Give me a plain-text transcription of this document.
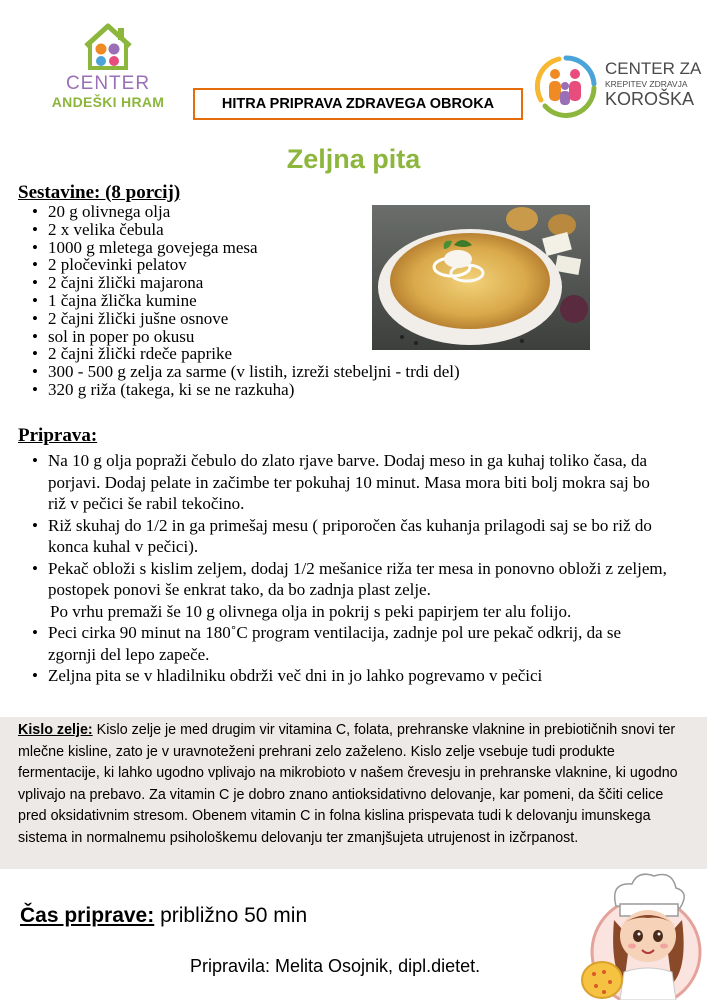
CENTER
ANDEŠKI HRAM	HITRA PRIPRAVA ZDRAVEGA OBROKA
CENTER ZA
KREPITEV ZDRAVJA
KOROŠKA
Zeljna pita
Sestavine: (8 porcij)
• 20 g olivnega olja
• 2 x velika čebula
• 1000 g mletega govejega mesa
• 2 pločevinki pelatov
• 2 čajni žlički majarona
• 1 čajna žlička kumine
• 2 čajni žlički jušne osnove
• sol in poper po okusu
• 2 čajni žlički rdeče paprike
• 300 - 500 g zelja za sarme (v listih, izreži stebeljni - trdi del)
• 320 g riža (takega, ki se ne razkuha)
Priprava:
• Na 10 g olja popraži čebulo do zlato rjave barve. Dodaj meso in ga kuhaj toliko časa, da porjavi. Dodaj pelate in začimbe ter pokuhaj 10 minut. Masa mora biti bolj mokra saj bo riž v pečici še rabil tekočino.
• Riž skuhaj do 1/2 in ga primešaj mesu ( priporočen čas kuhanja prilagodi saj se bo riž do konca kuhal v pečici).
• Pekač obloži s kislim zeljem, dodaj 1/2 mešanice riža ter mesa in ponovno obloži z zeljem, postopek ponovi še enkrat tako, da bo zadnja plast zelje.
Po vrhu premaži še 10 g olivnega olja in pokrij s peki papirjem ter alu folijo.
• Peci cirka 90 minut na 180˚C program ventilacija, zadnje pol ure pekač odkrij, da se zgornji del lepo zapeče.
• Zeljna pita se v hladilniku obdrži več dni in jo lahko pogrevamo v pečici
Kislo zelje: Kislo zelje je med drugim vir vitamina C, folata, prehranske vlaknine in prebiotičnih snovi ter mlečne kisline, zato je v uravnoteženi prehrani zelo zaželeno. Kislo zelje vsebuje tudi produkte fermentacije, ki lahko ugodno vplivajo na mikrobioto v našem črevesju in prehranske vlaknine, ki ugodno vplivajo na prebavo. Za vitamin C je dobro znano antioksidativno delovanje, kar pomeni, da ščiti celice pred oksidativnim stresom. Obenem vitamin C in folna kislina prispevata tudi k delovanju imunskega sistema in normalnemu psihološkemu delovanju ter zmanjšujeta utrujenost in izčrpanost.
Čas priprave: približno 50 min
Pripravila: Melita Osojnik, dipl.dietet.
